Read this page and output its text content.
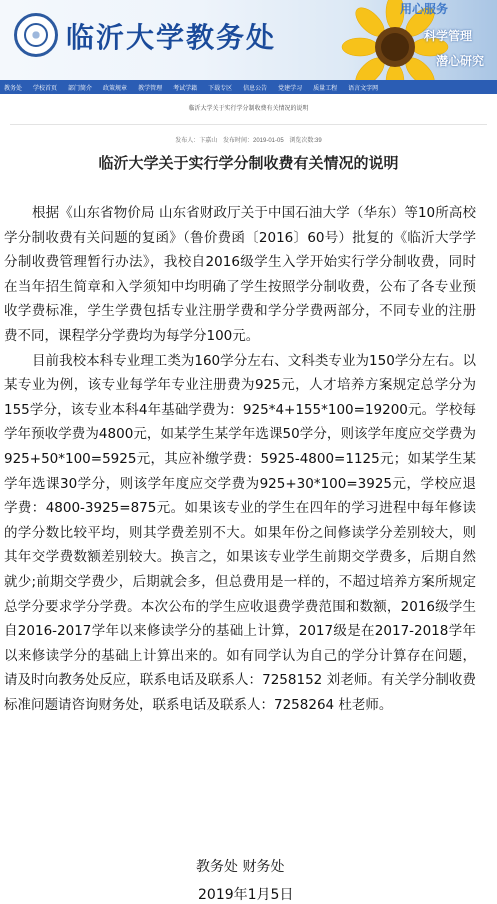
临沂大学教务处
用心服务
科学管理
潜心研究
教务处 学校首页 部门简介 政策规章 教学管理 考试学籍 下载专区 信息公告 党建学习 质量工程 语言文字网
临沂大学关于实行学分制收费有关情况的说明
发布人：卞嘉山 发布时间：2019-01-05 浏览次数:39
临沂大学关于实行学分制收费有关情况的说明

根据《山东省物价局 山东省财政厅关于中国石油大学（华东）等10所高校学分制收费有关问题的复函》（鲁价费函〔2016〕60号）批复的《临沂大学学分制收费管理暂行办法》，我校自2016级学生入学开始实行学分制收费，同时在当年招生简章和入学须知中均明确了学生按照学分制收费，公布了各专业预收学费标准，学生学费包括专业注册学费和学分学费两部分，不同专业的注册费不同，课程学分学费均为每学分100元。

目前我校本科专业理工类为160学分左右、文科类专业为150学分左右。以某专业为例，该专业每学年专业注册费为925元，人才培养方案规定总学分为155学分，该专业本科4年基础学费为：925*4+155*100=19200元。学校每学年预收学费为4800元，如某学生某学年选课50学分，则该学年度应交学费为925+50*100=5925元，其应补缴学费：5925-4800=1125元；如某学生某学年选课30学分，则该学年度应交学费为925+30*100=3925元，学校应退学费：4800-3925=875元。如果该专业的学生在四年的学习进程中每年修读的学分数比较平均，则其学费差别不大。如果年份之间修读学分差别较大，则其年交学费数额差别较大。换言之，如果该专业学生前期交学费多，后期自然就少;前期交学费少，后期就会多，但总费用是一样的，不超过培养方案所规定总学分要求学分学费。本次公布的学生应收退费学费范围和数额，2016级学生自2016-2017学年以来修读学分的基础上计算，2017级是在2017-2018学年以来修读学分的基础上计算出来的。如有同学认为自己的学分计算存在问题，请及时向教务处反应，联系电话及联系人：7258152 刘老师。有关学分制收费标准问题请咨询财务处，联系电话及联系人：7258264 杜老师。

教务处 财务处
2019年1月5日
